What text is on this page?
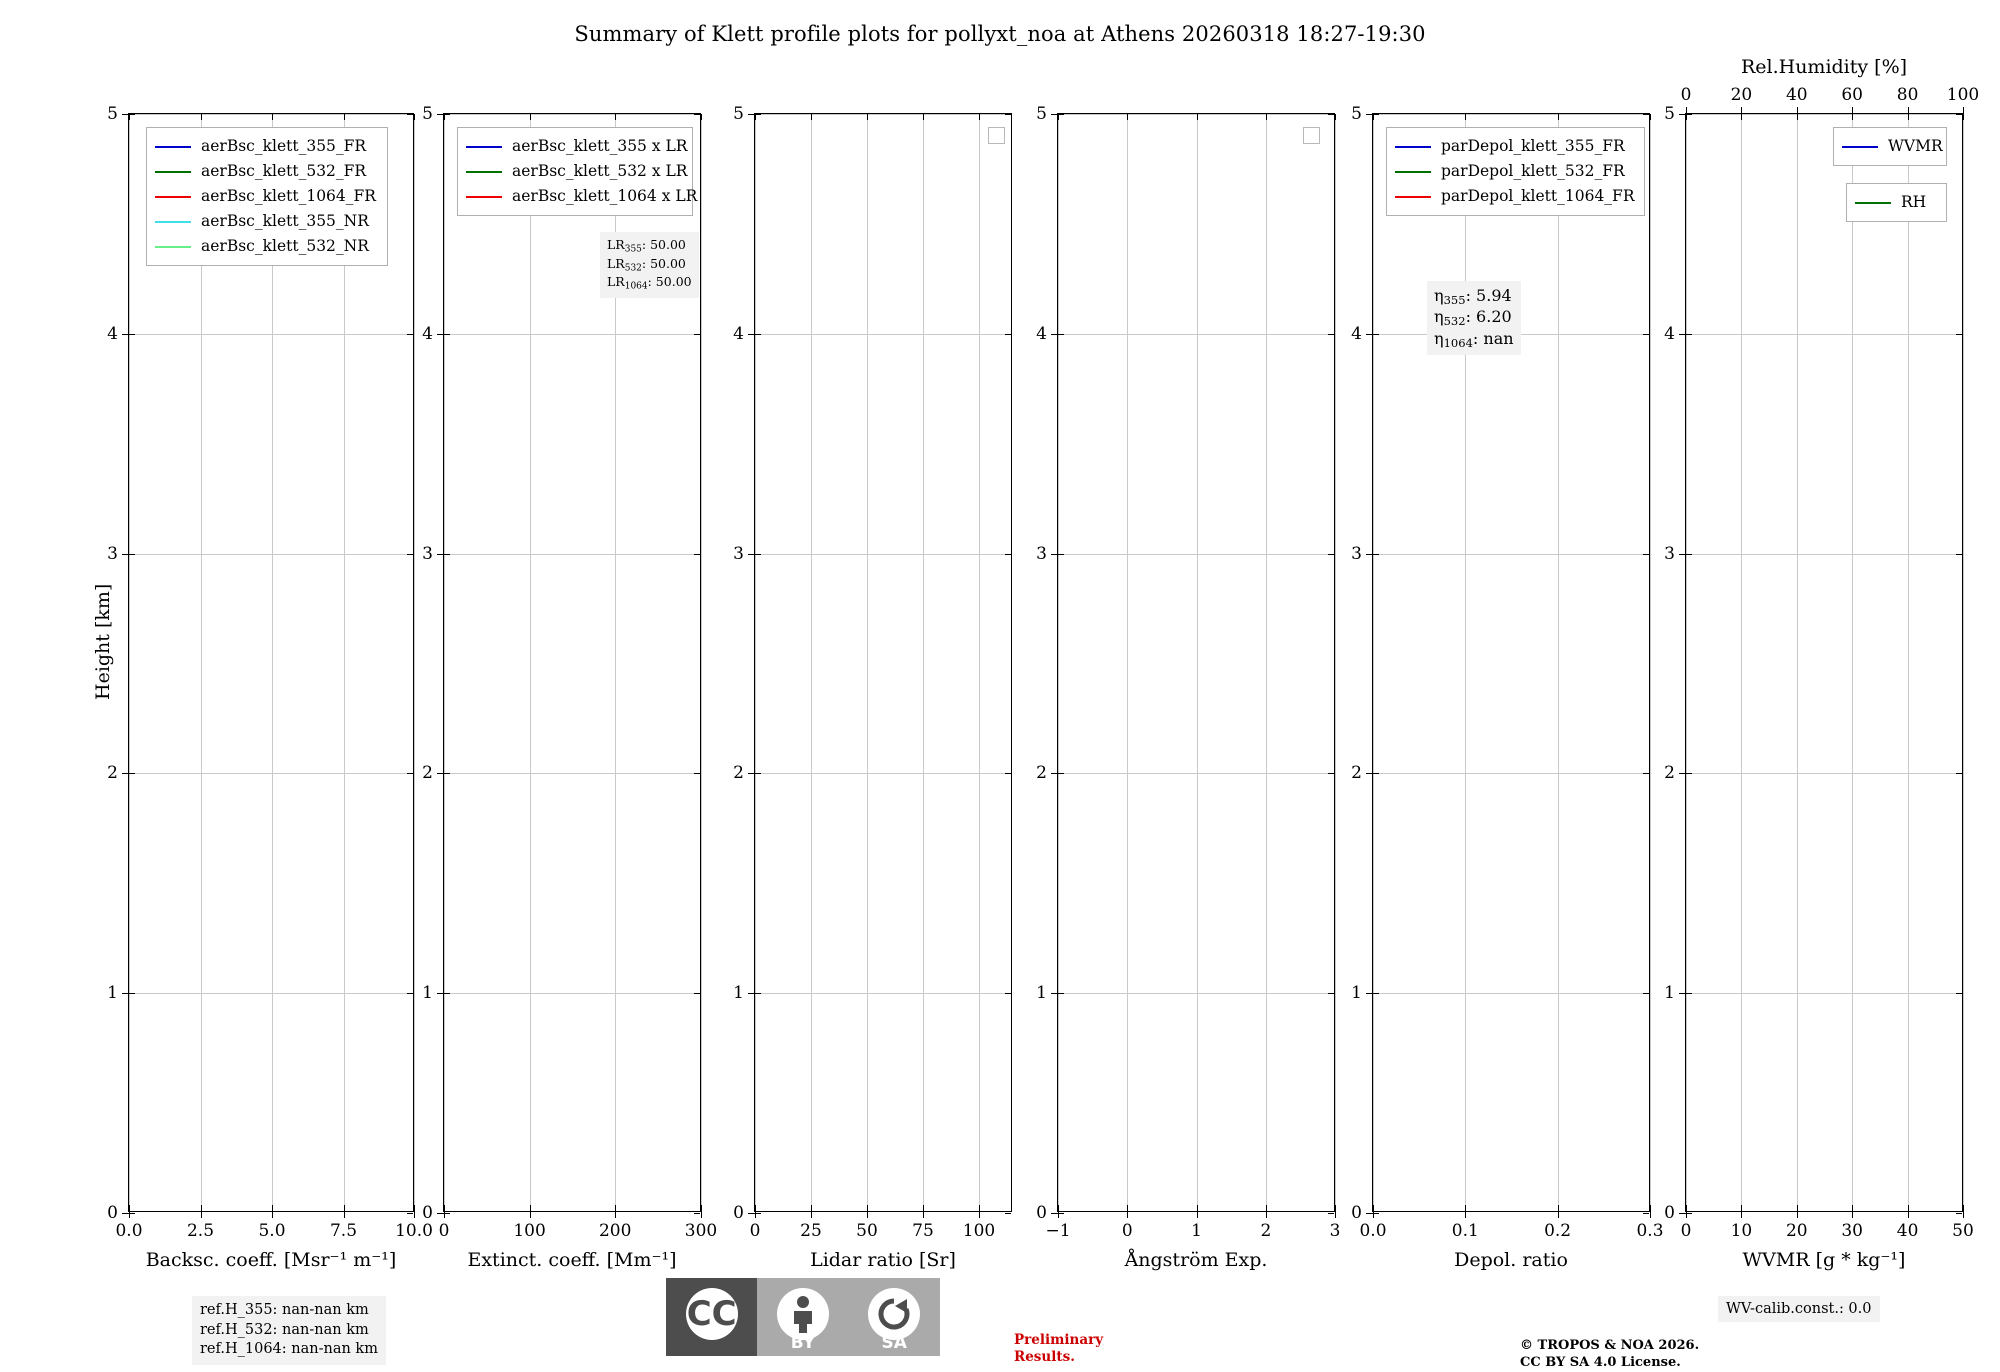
Summary of Klett profile plots for pollyxt_noa at Athens 20260318 18:27-19:30
Height [km]
0
1
2
3
4
5
0.0	2.5	5.0	7.5 10.0
Backsc. coeff. [Msr⁻¹ m⁻¹]
aerBsc_klett_355_FR
aerBsc_klett_532_FR
aerBsc_klett_1064_FR
aerBsc_klett_355_NR
aerBsc_klett_532_NR
0
1
2
3
4
5
0	100	200	300
Extinct. coeff. [Mm⁻¹]
aerBsc_klett_355 x LR
aerBsc_klett_532 x LR
aerBsc_klett_1064 x LR
$LR_{355}$: 50.00
$LR_{532}$: 50.00
$LR_{1064}$: 50.00
0
1
2
3
4
5
0 25 50 75 100
Lidar ratio [Sr]
0
1
2
3
4
5
−1	0	1	2	3
Ångström Exp.
0
1
2
3
4
5
0.0	0.1	0.2	0.3
Depol. ratio
parDepol_klett_355_FR
parDepol_klett_532_FR
parDepol_klett_1064_FR
$\eta_{355}$: 5.94
$\eta_{532}$: 6.20
$\eta_{1064}$: nan
0
1
2
3
4
5
0 10 20 30 40 50
WVMR [g * kg⁻¹]
0 20 40 60 80 100
Rel.Humidity [%]
WVMR
RH
ref.H_355: nan-nan km
ref.H_532: nan-nan km
ref.H_1064: nan-nan km
CC
BY	SA	Preliminary
Results.
© TROPOS & NOA 2026.
CC BY SA 4.0 License.
WV-calib.const.: 0.0
